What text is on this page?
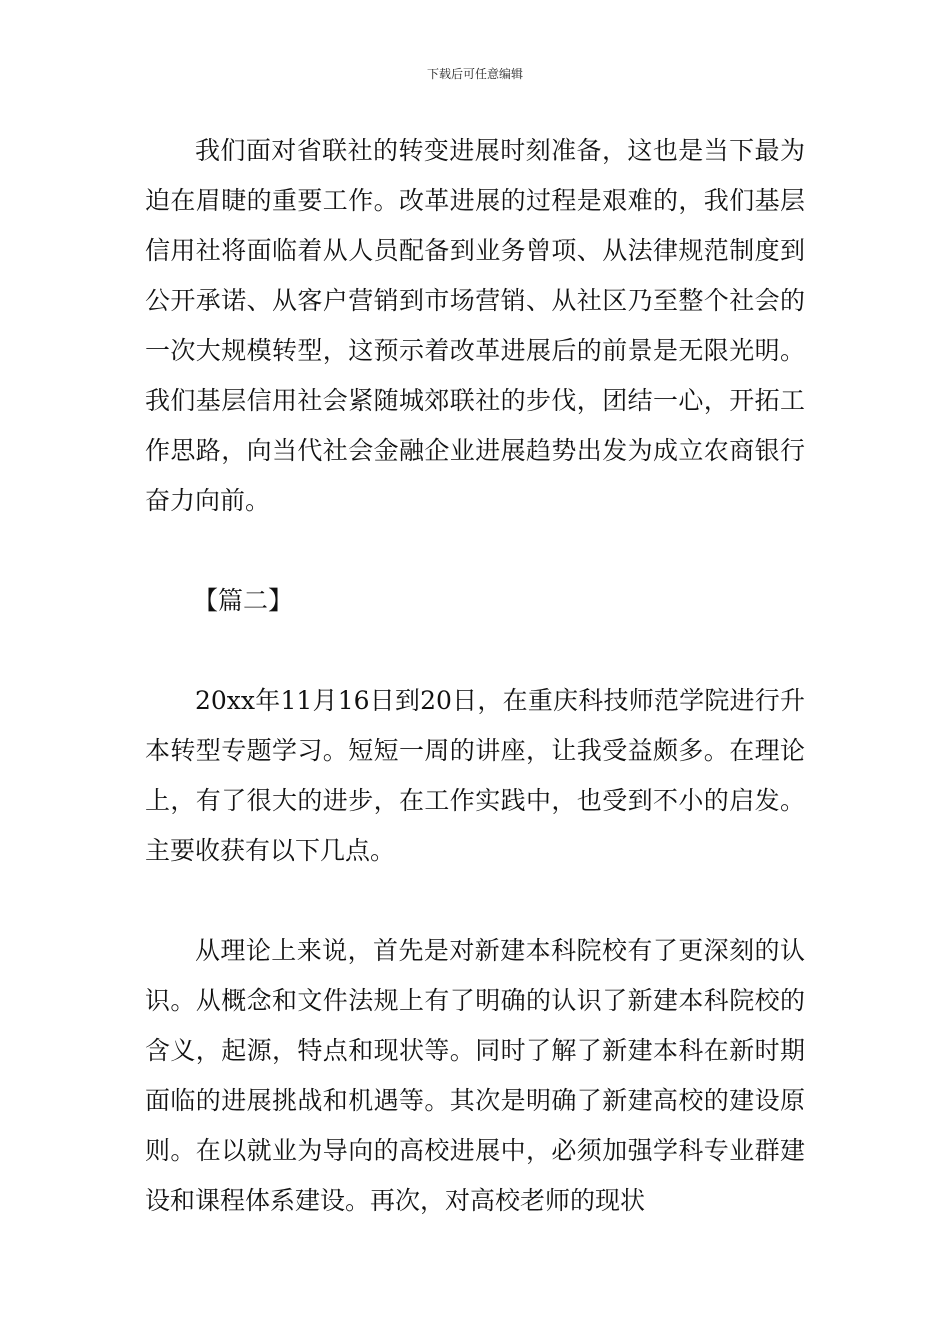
下载后可任意编辑

我们面对省联社的转变进展时刻准备，这也是当下最为迫在眉睫的重要工作。改革进展的过程是艰难的，我们基层信用社将面临着从人员配备到业务曾项、从法律规范制度到公开承诺、从客户营销到市场营销、从社区乃至整个社会的一次大规模转型，这预示着改革进展后的前景是无限光明。我们基层信用社会紧随城郊联社的步伐，团结一心，开拓工作思路，向当代社会金融企业进展趋势出发为成立农商银行奋力向前。

【篇二】

20xx年11月16日到20日，在重庆科技师范学院进行升本转型专题学习。短短一周的讲座，让我受益颇多。在理论上，有了很大的进步，在工作实践中，也受到不小的启发。主要收获有以下几点。

从理论上来说，首先是对新建本科院校有了更深刻的认识。从概念和文件法规上有了明确的认识了新建本科院校的含义，起源，特点和现状等。同时了解了新建本科在新时期面临的进展挑战和机遇等。其次是明确了新建高校的建设原则。在以就业为导向的高校进展中，必须加强学科专业群建设和课程体系建设。再次，对高校老师的现状
